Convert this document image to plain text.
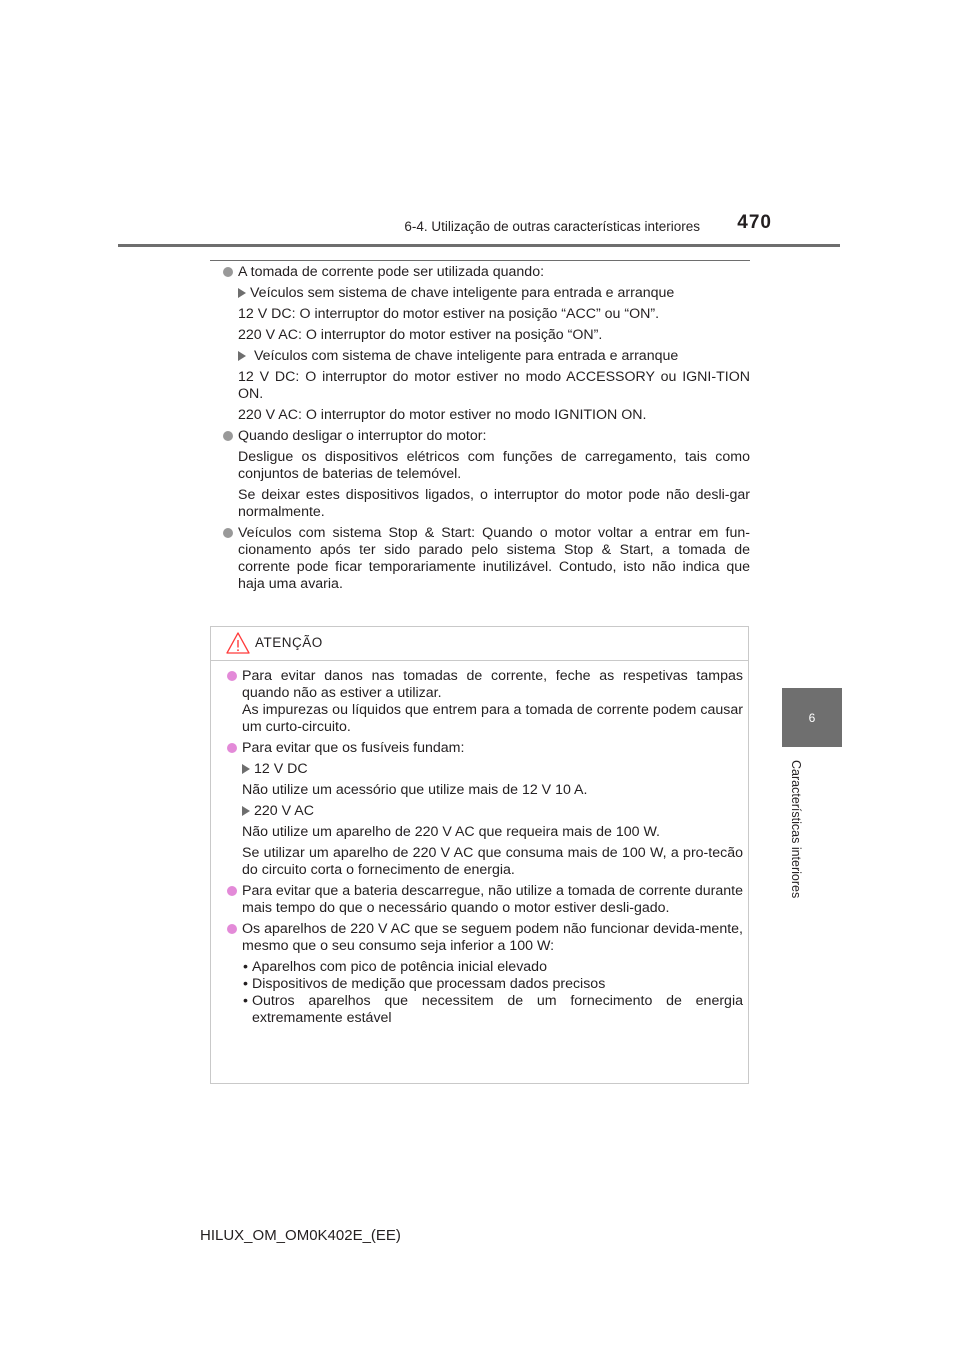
6-4. Utilização de outras características interiores	470
6
Características interiores
A tomada de corrente pode ser utilizada quando:

Veículos sem sistema de chave inteligente para entrada e arranque

12 V DC: O interruptor do motor estiver na posição “ACC” ou “ON”.

220 V AC: O interruptor do motor estiver na posição “ON”.

Veículos com sistema de chave inteligente para entrada e arranque

12 V DC: O interruptor do motor estiver no modo ACCESSORY ou IGNI-TION ON.

220 V AC: O interruptor do motor estiver no modo IGNITION ON.

Quando desligar o interruptor do motor:

Desligue os dispositivos elétricos com funções de carregamento, tais como conjuntos de baterias de telemóvel.

Se deixar estes dispositivos ligados, o interruptor do motor pode não desli-gar normalmente.

Veículos com sistema Stop & Start: Quando o motor voltar a entrar em fun-cionamento após ter sido parado pelo sistema Stop & Start, a tomada de corrente pode ficar temporariamente inutilizável. Contudo, isto não indica que haja uma avaria.
ATENÇÃO
Para evitar danos nas tomadas de corrente, feche as respetivas tampas quando não as estiver a utilizar.

As impurezas ou líquidos que entrem para a tomada de corrente podem causar um curto-circuito.

Para evitar que os fusíveis fundam:

12 V DC

Não utilize um acessório que utilize mais de 12 V 10 A.

220 V AC

Não utilize um aparelho de 220 V AC que requeira mais de 100 W.

Se utilizar um aparelho de 220 V AC que consuma mais de 100 W, a pro-tecão do circuito corta o fornecimento de energia.

Para evitar que a bateria descarregue, não utilize a tomada de corrente durante mais tempo do que o necessário quando o motor estiver desli-gado.
Os aparelhos de 220 V AC que se seguem podem não funcionar devida-mente, mesmo que o seu consumo seja inferior a 100 W:
• Aparelhos com pico de potência inicial elevado
• Dispositivos de medição que processam dados precisos
• Outros aparelhos que necessitem de um fornecimento de energia extremamente estável
HILUX_OM_OM0K402E_(EE)
